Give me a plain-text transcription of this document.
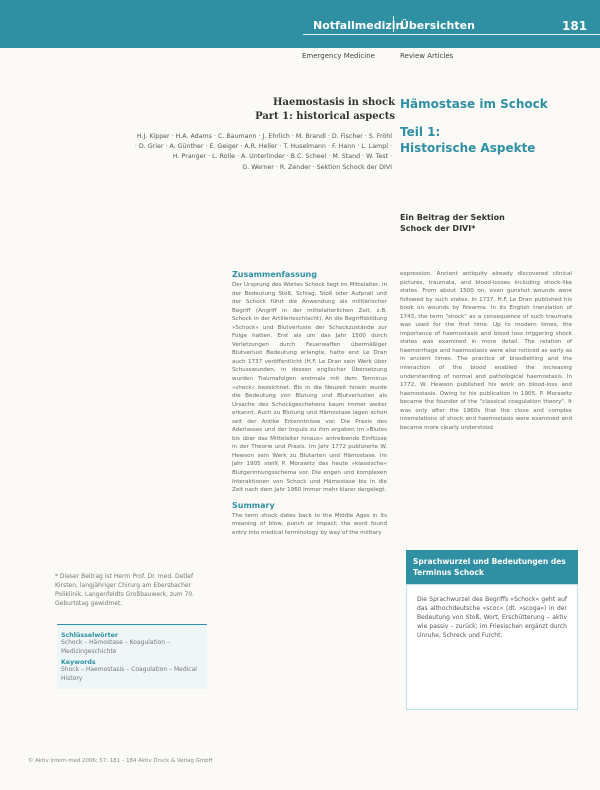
Notfallmedizin
Übersichten	181
Emergency Medicine	Review Articles
Haemostasis in shock
Part 1: historical aspects
Hämostase im Schock
Teil 1:
Historische Aspekte
H.J. Kipper · H.A. Adams · C. Baumann · J. Ehrlich · M. Brandl · D. Fischer · S. Fröhl
· D. Grier · A. Günther · E. Geiger · A.R. Heller · T. Huselmann · F. Hann · L. Lampl ·
H. Pranger · L. Rolle · A. Unterlinder · B.C. Scheel · M. Stand · W. Test ·
G. Werner · R. Zender · Sektion Schock der DIVI
Ein Beitrag der Sektion
Schock der DIVI*
Zusammenfassung
Der Ursprung des Wortes Schock liegt im Mittelalter, in der Bedeutung Stoß, Schlag, Stoß oder Aufprall und der Schock führt die Anwendung als militärischer Begriff (Angriff in der mittelalterlichen Zeit, z.B. Schock in der Artillerieschlacht). An die Begriffsbildung »Schock« und Blutverluste der Schockzustände zur Folge hatten. Erst als um das Jahr 1500 durch Verletzungen durch Feuerwaffen übermäßiger Blutverlust Bedeutung erlangte, hatte erst Le Dran auch 1737 veröffentlicht (H.F. Le Dran sein Werk über Schusswunden, in dessen englischer Übersetzung wurden Traumafolgen erstmals mit dem Terminus »shock« bezeichnet. Bis in die Neuzeit hinein wurde die Bedeutung von Blutung und Blutverlusten als Ursache des Schockgeschehens kaum immer weiter erkannt. Auch zu Blutung und Hämostase lagen schon seit der Antike Erkenntnisse vor. Die Praxis des Aderlasses und der Impuls zu ihm ergaben im »Blutes bis über das Mittelalter hinaus« antreibende Einflüsse in der Theorie und Praxis. Im Jahr 1772 publizierte W. Hewson sein Werk zu Blutarten und Hämostase. Im Jahr 1905 stellt P. Morawitz das heute »klassische« Blutgerinnungsschema vor. Die engen und komplexen Interaktionen von Schock und Hämostase bis in die Zeit nach dem Jahr 1960 immer mehr klarer dargelegt.
Summary
The term shock dates back to the Middle Ages in its meaning of blow, punch or impact; the word found entry into medical terminology by way of the military
expression. Ancient antiquity already discovered clinical pictures, traumata, and blood-losses including shock-like states. From about 1500 on, even gunshot wounds were followed by such states. In 1737, H.F. Le Dran published his book on wounds by firearms. In its English translation of 1743, the term "shock" as a consequence of such traumata was used for the first time. Up to modern times, the importance of haemostasis and blood loss triggering shock states was examined in more detail. The relation of haemorrhage and haemostasis were also noticed as early as in ancient times. The practice of bloodletting and the interaction of the blood enabled the increasing understanding of normal and pathological haemostasis. In 1772, W. Hewson published his work on blood-loss and haemostasis. Owing to his publication in 1905, P. Morawitz became the founder of the "classical coagulation theory". It was only after the 1960s that the close and complex interrelations of shock and haemostasis were examined and became more clearly understood.
* Dieser Beitrag ist Herrn Prof. Dr. med. Detlef Kirsten, langjähriger Chirurg am Ebersbacher Poliklinik, Langenfeldts Großbauwerk, zum 70. Geburtstag gewidmet.
Schlüsselwörter
Schock – Hämostase – Koagulation – Medizingeschichte
Keywords
Shock – Haemostasis – Coagulation – Medical History
Sprachwurzel und Bedeutungen des Terminus Schock
Die Sprachwurzel des Begriffs »Schock« geht auf das althochdeutsche »scoc« (dt. »scoga«) in der Bedeutung von Stoß, Wort, Erschütterung – aktiv wie passiv – zurück; im Friesischen ergänzt durch Unruhe, Schreck und Furcht.
© Aktiv Intern-med 2006; 57: 181 – 184 Aktiv Druck & Verlag GmbH
